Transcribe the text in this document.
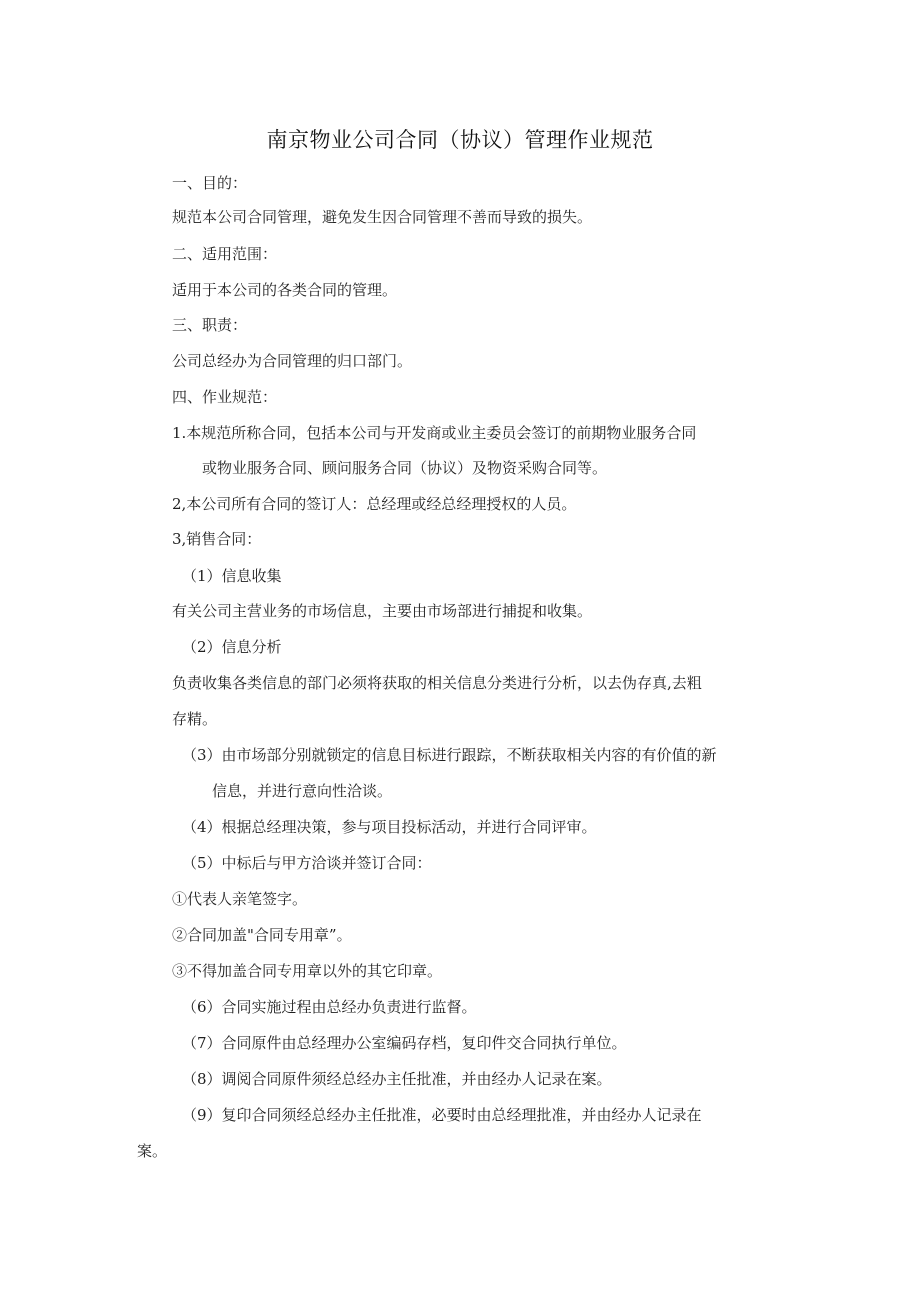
南京物业公司合同（协议）管理作业规范
一、目的：
规范本公司合同管理，避免发生因合同管理不善而导致的损失。
二、适用范围：
适用于本公司的各类合同的管理。
三、职责：
公司总经办为合同管理的归口部门。
四、作业规范：
1.本规范所称合同，包括本公司与开发商或业主委员会签订的前期物业服务合同
或物业服务合同、顾问服务合同（协议）及物资采购合同等。
2,本公司所有合同的签订人：总经理或经总经理授权的人员。
3,销售合同：
（1）信息收集
有关公司主营业务的市场信息，主要由市场部进行捕捉和收集。
（2）信息分析
负责收集各类信息的部门必须将获取的相关信息分类进行分析，以去伪存真,去粗
存精。
（3）由市场部分别就锁定的信息目标进行跟踪，不断获取相关内容的有价值的新
信息，并进行意向性洽谈。
（4）根据总经理决策，参与项目投标活动，并进行合同评审。
（5）中标后与甲方洽谈并签订合同：
①代表人亲笔签字。
②合同加盖"合同专用章”。
③不得加盖合同专用章以外的其它印章。
（6）合同实施过程由总经办负责进行监督。
（7）合同原件由总经理办公室编码存档，复印件交合同执行单位。
（8）调阅合同原件须经总经办主任批准，并由经办人记录在案。
（9）复印合同须经总经办主任批准，必要时由总经理批准，并由经办人记录在
案。
